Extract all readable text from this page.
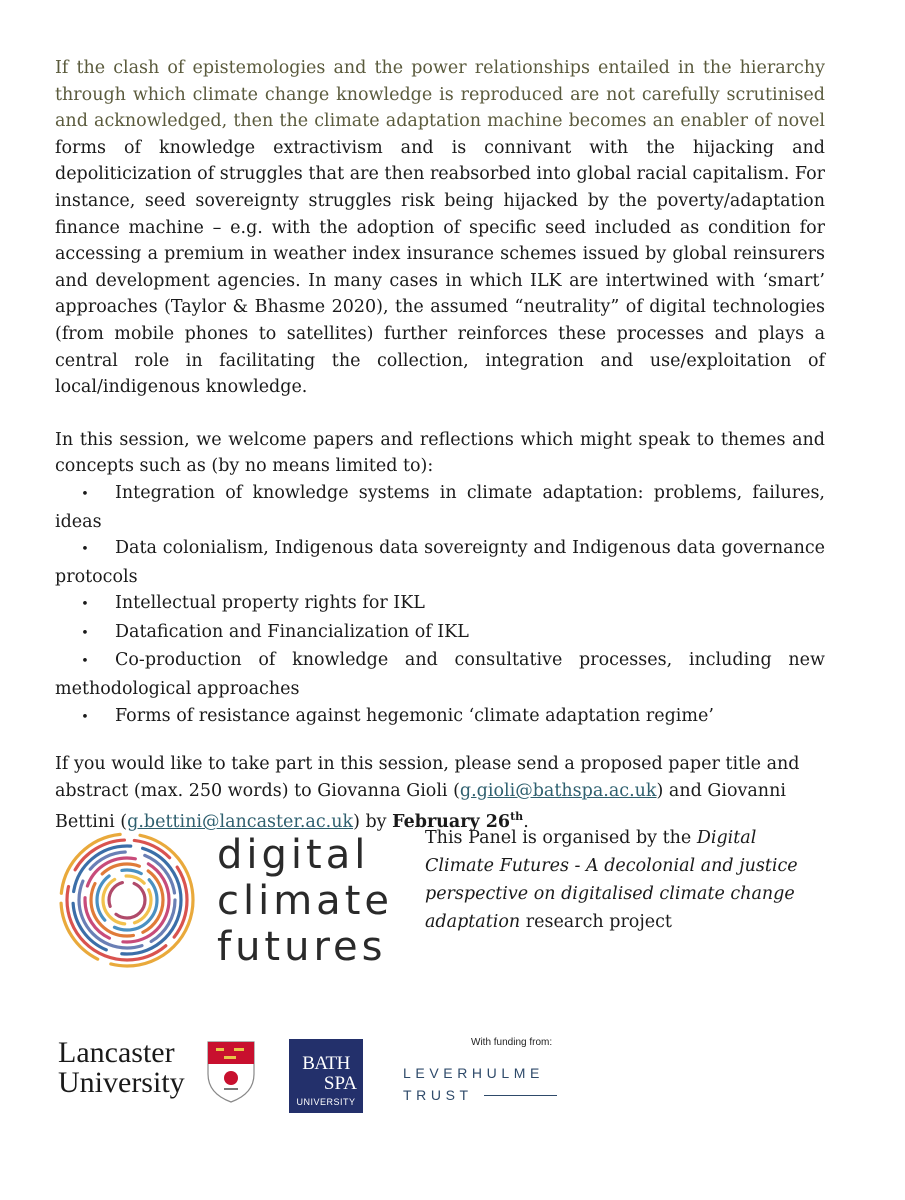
If the clash of epistemologies and the power relationships entailed in the hierarchy through which climate change knowledge is reproduced are not carefully scrutinised and acknowledged, then the climate adaptation machine becomes an enabler of novel forms of knowledge extractivism and is connivant with the hijacking and depoliticization of struggles that are then reabsorbed into global racial capitalism. For instance, seed sovereignty struggles risk being hijacked by the poverty/adaptation finance machine – e.g. with the adoption of specific seed included as condition for accessing a premium in weather index insurance schemes issued by global reinsurers and development agencies. In many cases in which ILK are intertwined with ‘smart’ approaches (Taylor & Bhasme 2020), the assumed “neutrality” of digital technologies (from mobile phones to satellites) further reinforces these processes and plays a central role in facilitating the collection, integration and use/exploitation of local/indigenous knowledge.

In this session, we welcome papers and reflections which might speak to themes and concepts such as (by no means limited to):

• Integration of knowledge systems in climate adaptation: problems, failures, ideas
• Data colonialism, Indigenous data sovereignty and Indigenous data governance protocols
• Intellectual property rights for IKL
• Datafication and Financialization of IKL
• Co-production of knowledge and consultative processes, including new methodological approaches
• Forms of resistance against hegemonic ‘climate adaptation regime’

If you would like to take part in this session, please send a proposed paper title and abstract (max. 250 words) to Giovanna Gioli (g.gioli@bathspa.ac.uk) and Giovanni Bettini (g.bettini@lancaster.ac.uk) by February 26th.

digital
climate
futures
This Panel is organised by the Digital Climate Futures - A decolonial and justice perspective on digitalised climate change adaptation research project
Lancaster
University
BATH
SPA
UNIVERSITY
With funding from:
LEVERHULME
TRUST
